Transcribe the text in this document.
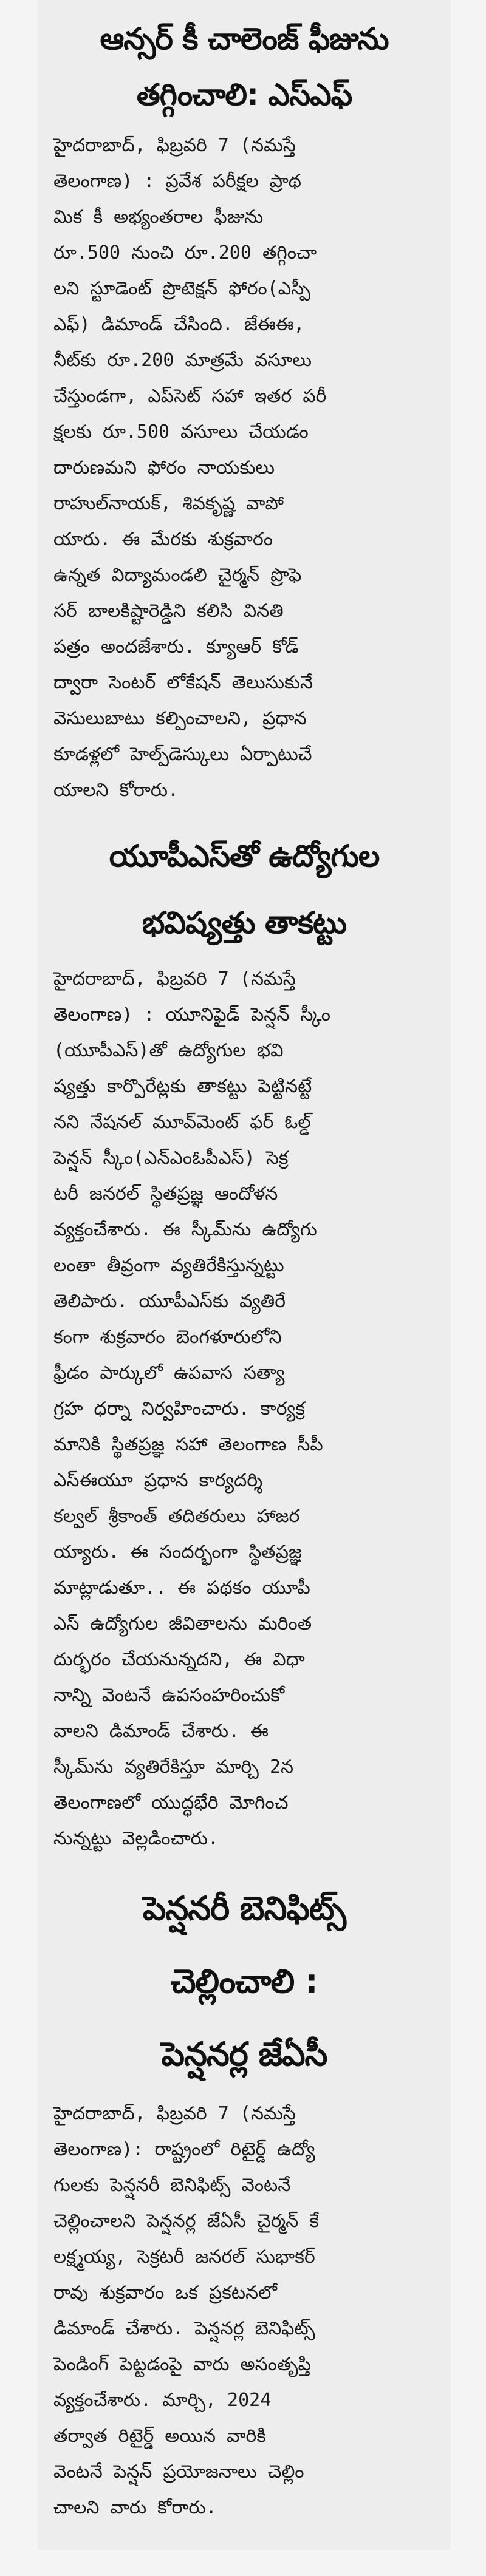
ఆన్సర్ కీ చాలెంజ్ ఫీజును
తగ్గించాలి: ఎస్ఎఫ్
హైదరాబాద్, ఫిబ్రవరి 7 (నమస్తే
తెలంగాణ) : ప్రవేశ పరీక్షల ప్రాథ
మిక కీ అభ్యంతరాల ఫీజును
రూ.500 నుంచి రూ.200 తగ్గించా
లని స్టూడెంట్ ప్రొటెక్షన్ ఫోరం(ఎస్పీ
ఎఫ్) డిమాండ్ చేసింది. జేఈఈ,
నీట్‌కు రూ.200 మాత్రమే వసూలు
చేస్తుండగా, ఎప్‌సెట్ సహా ఇతర పరీ
క్షలకు రూ.500 వసూలు చేయడం
దారుణమని ఫోరం నాయకులు
రాహుల్‌నాయక్, శివకృష్ణ వాపో
యారు. ఈ మేరకు శుక్రవారం
ఉన్నత విద్యామండలి చైర్మన్ ప్రొఫె
సర్ బాలకిష్టారెడ్డిని కలిసి వినతి
పత్రం అందజేశారు. క్యూఆర్ కోడ్
ద్వారా సెంటర్ లోకేషన్ తెలుసుకునే
వెసులుబాటు కల్పించాలని, ప్రధాన
కూడళ్లలో హెల్ప్‌డెస్కులు ఏర్పాటుచే
యాలని కోరారు.
యూపీఎస్‌తో ఉద్యోగుల
భవిష్యత్తు తాకట్టు
హైదరాబాద్, ఫిబ్రవరి 7 (నమస్తే
తెలంగాణ) : యూనిఫైడ్ పెన్షన్ స్కీం
(యూపీఎస్)తో ఉద్యోగుల భవి
ష్యత్తు కార్పొరేట్లకు తాకట్టు పెట్టినట్టే
నని నేషనల్ మూవ్‌మెంట్ ఫర్ ఓల్డ్
పెన్షన్ స్కీం(ఎన్ఎంఓపీఎస్) సెక్ర
టరీ జనరల్ స్థితప్రజ్ఞ ఆందోళన
వ్యక్తంచేశారు. ఈ స్కీమ్‌ను ఉద్యోగు
లంతా తీవ్రంగా వ్యతిరేకిస్తున్నట్టు
తెలిపారు. యూపీఎస్‌కు వ్యతిరే
కంగా శుక్రవారం బెంగళూరులోని
ఫ్రీడం పార్కులో ఉపవాస సత్యా
గ్రహ ధర్నా నిర్వహించారు. కార్యక్ర
మానికి స్థితప్రజ్ఞ సహా తెలంగాణ సీపీ
ఎస్ఈయూ ప్రధాన కార్యదర్శి
కల్వల్ శ్రీకాంత్ తదితరులు హాజర
య్యారు. ఈ సందర్భంగా స్థితప్రజ్ఞ
మాట్లాడుతూ.. ఈ పథకం యూపీ
ఎస్ ఉద్యోగుల జీవితాలను మరింత
దుర్భరం చేయనున్నదని, ఈ విధా
నాన్ని వెంటనే ఉపసంహరించుకో
వాలని డిమాండ్ చేశారు. ఈ
స్కీమ్‌ను వ్యతిరేకిస్తూ మార్చి 2న
తెలంగాణలో యుద్ధభేరి మోగించ
నున్నట్టు వెల్లడించారు.
పెన్షనరీ బెనిఫిట్స్
చెల్లించాలి :
పెన్షనర్ల జేఏసీ
హైదరాబాద్, ఫిబ్రవరి 7 (నమస్తే
తెలంగాణ): రాష్ట్రంలో రిటైర్డ్ ఉద్యో
గులకు పెన్షనరీ బెనిఫిట్స్ వెంటనే
చెల్లించాలని పెన్షనర్ల జేఏసీ చైర్మన్ కే
లక్ష్మయ్య, సెక్రటరీ జనరల్ సుభాకర్
రావు శుక్రవారం ఒక ప్రకటనలో
డిమాండ్ చేశారు. పెన్షనర్ల బెనిఫిట్స్
పెండింగ్ పెట్టడంపై వారు అసంతృప్తి
వ్యక్తంచేశారు. మార్చి, 2024
తర్వాత రిటైర్డ్ అయిన వారికి
వెంటనే పెన్షన్ ప్రయోజనాలు చెల్లిం
చాలని వారు కోరారు.
